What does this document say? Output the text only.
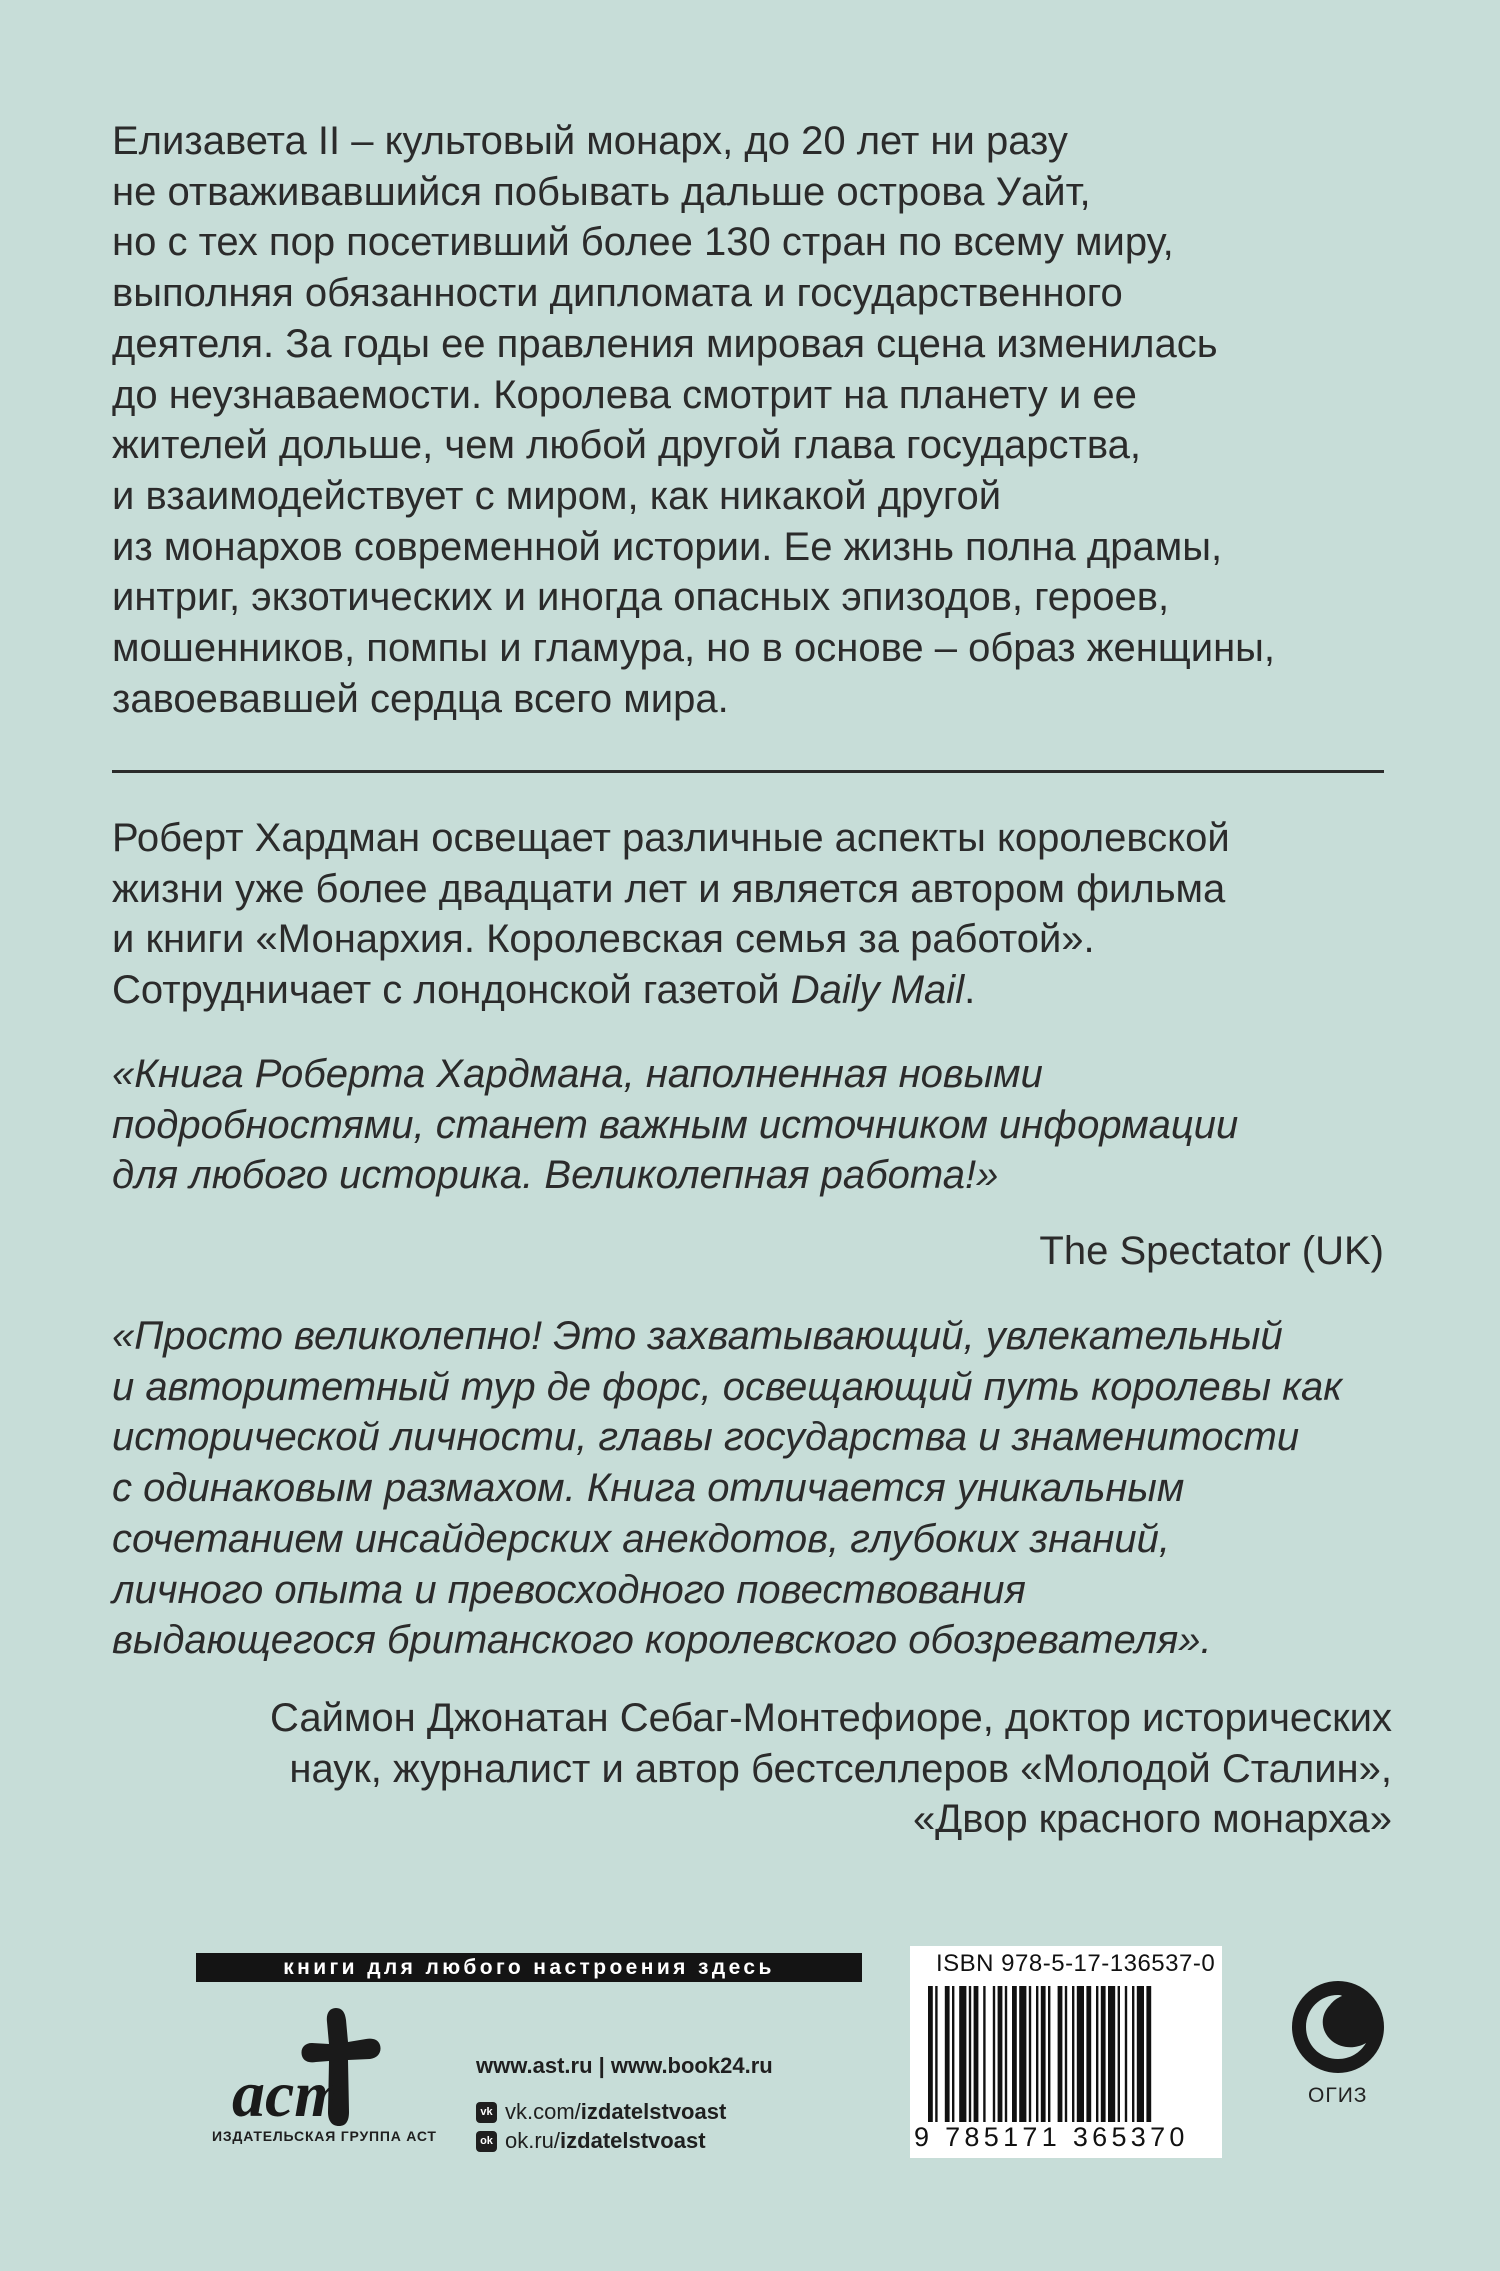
Елизавета II – культовый монарх, до 20 лет ни разу
не отваживавшийся побывать дальше острова Уайт,
но с тех пор посетивший более 130 стран по всему миру,
выполняя обязанности дипломата и государственного
деятеля. За годы ее правления мировая сцена изменилась
до неузнаваемости. Королева смотрит на планету и ее
жителей дольше, чем любой другой глава государства,
и взаимодействует с миром, как никакой другой
из монархов современной истории. Ее жизнь полна драмы,
интриг, экзотических и иногда опасных эпизодов, героев,
мошенников, помпы и гламура, но в основе – образ женщины,
завоевавшей сердца всего мира.
Роберт Хардман освещает различные аспекты королевской
жизни уже более двадцати лет и является автором фильма
и книги «Монархия. Королевская семья за работой».
Сотрудничает с лондонской газетой Daily Mail.
«Книга Роберта Хардмана, наполненная новыми
подробностями, станет важным источником информации
для любого историка. Великолепная работа!»
The Spectator (UK)
«Просто великолепно! Это захватывающий, увлекательный
и авторитетный тур де форс, освещающий путь королевы как
исторической личности, главы государства и знаменитости
с одинаковым размахом. Книга отличается уникальным
сочетанием инсайдерских анекдотов, глубоких знаний,
личного опыта и превосходного повествования
выдающегося британского королевского обозревателя».
Саймон Джонатан Себаг-Монтефиоре, доктор исторических
наук, журналист и автор бестселлеров «Молодой Сталин»,
«Двор красного монарха»
книги для любого настроения здесь
аст
ИЗДАТЕЛЬСКАЯ ГРУППА АСТ
www.ast.ru | www.book24.ru
vk vk.com/ izdatelstvoast
ok ok.ru/ izdatelstvoast
ISBN 978-5-17-136537-0
9 785171 365370
ОГИЗ
